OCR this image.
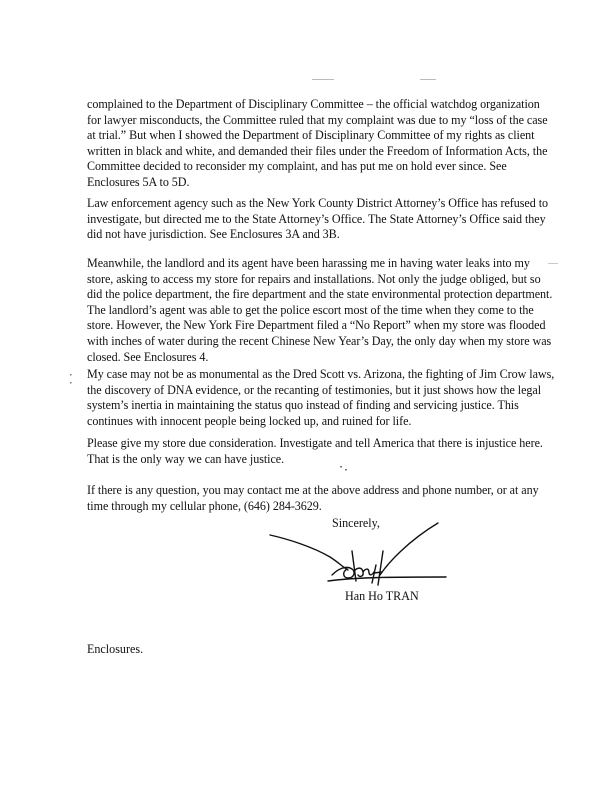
complained to the Department of Disciplinary Committee – the official watchdog organization
for lawyer misconducts, the Committee ruled that my complaint was due to my “loss of the case
at trial.” But when I showed the Department of Disciplinary Committee of my rights as client
written in black and white, and demanded their files under the Freedom of Information Acts, the
Committee decided to reconsider my complaint, and has put me on hold ever since. See
Enclosures 5A to 5D.

Law enforcement agency such as the New York County District Attorney’s Office has refused to
investigate, but directed me to the State Attorney’s Office. The State Attorney’s Office said they
did not have jurisdiction. See Enclosures 3A and 3B.

Meanwhile, the landlord and its agent have been harassing me in having water leaks into my
store, asking to access my store for repairs and installations. Not only the judge obliged, but so
did the police department, the fire department and the state environmental protection department.
The landlord’s agent was able to get the police escort most of the time when they come to the
store. However, the New York Fire Department filed a “No Report” when my store was flooded
with inches of water during the recent Chinese New Year’s Day, the only day when my store was
closed. See Enclosures 4.

My case may not be as monumental as the Dred Scott vs. Arizona, the fighting of Jim Crow laws,
the discovery of DNA evidence, or the recanting of testimonies, but it just shows how the legal
system’s inertia in maintaining the status quo instead of finding and servicing justice. This
continues with innocent people being locked up, and ruined for life.

Please give my store due consideration. Investigate and tell America that there is injustice here.
That is the only way we can have justice.

If there is any question, you may contact me at the above address and phone number, or at any
time through my cellular phone, (646) 284-3629.

Sincerely,
Han Ho TRAN
Enclosures.
